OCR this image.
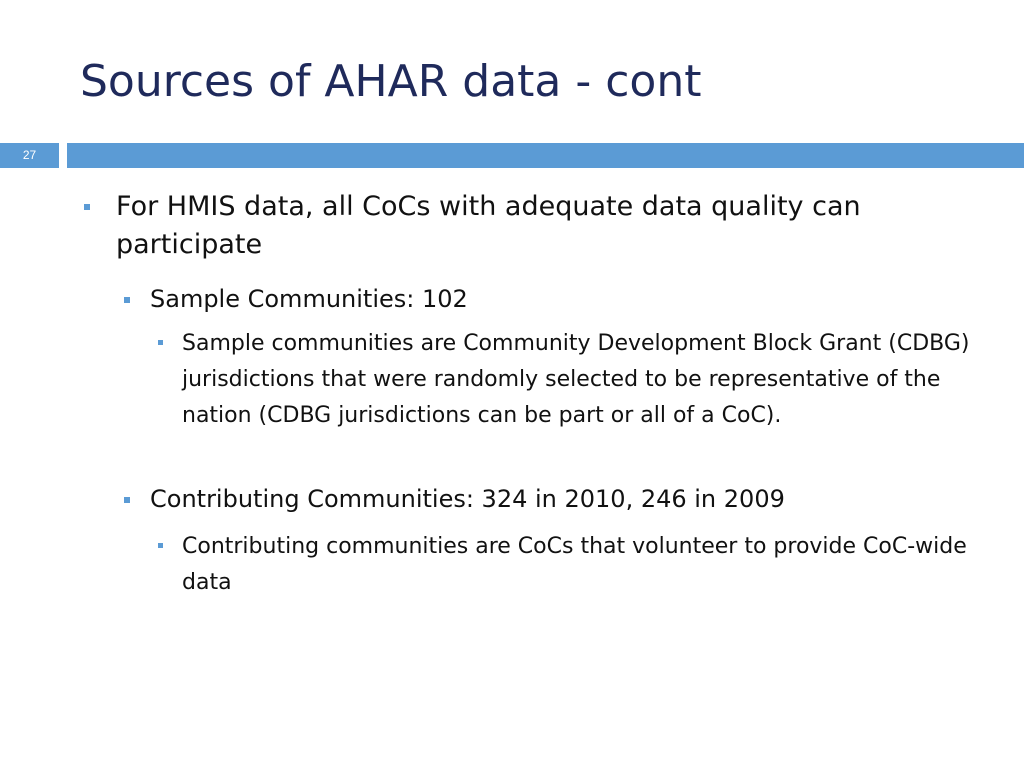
Sources of AHAR data - cont
27

For HMIS data, all CoCs with adequate data quality can participate

Sample Communities: 102

Sample communities are Community Development Block Grant (CDBG) jurisdictions that were randomly selected to be representative of the nation (CDBG jurisdictions can be part or all of a CoC).

Contributing Communities: 324 in 2010, 246 in 2009

Contributing communities are CoCs that volunteer to provide CoC-wide data
